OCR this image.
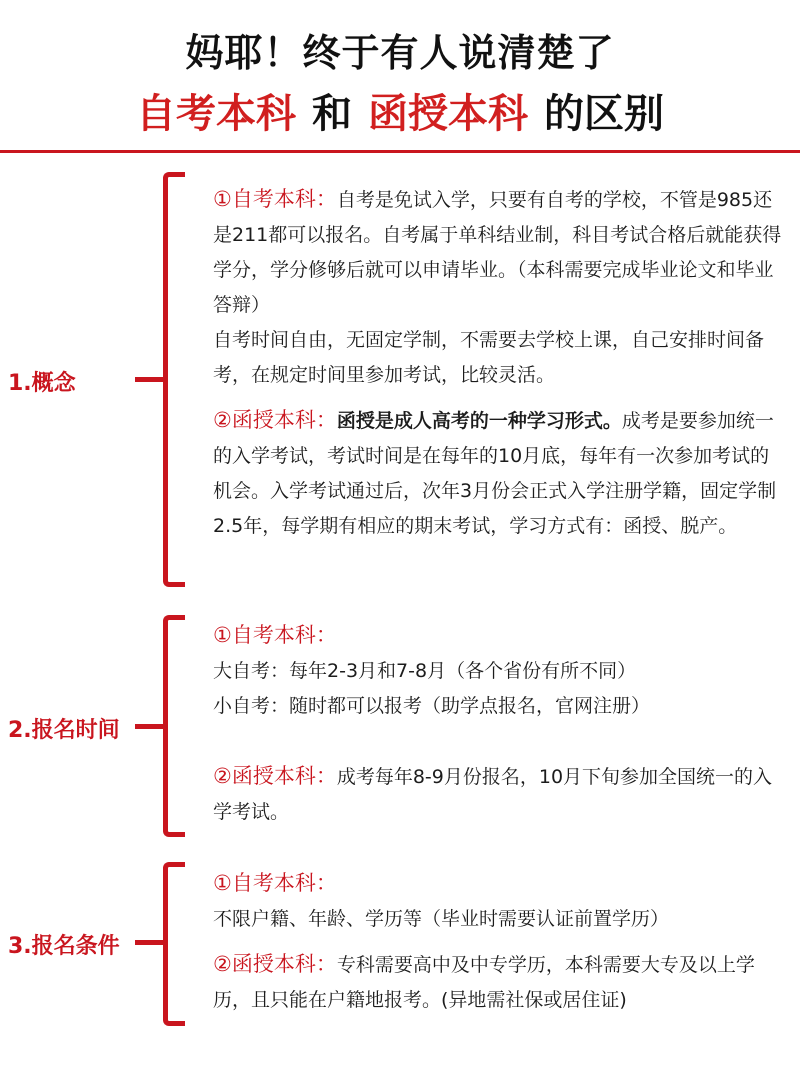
妈耶！终于有人说清楚了
自考本科 和 函授本科 的区别
1.概念

①自考本科：自考是免试入学，只要有自考的学校，不管是985还是211都可以报名。自考属于单科结业制，科目考试合格后就能获得学分，学分修够后就可以申请毕业。（本科需要完成毕业论文和毕业答辩）

自考时间自由，无固定学制，不需要去学校上课，自己安排时间备考，在规定时间里参加考试，比较灵活。

②函授本科：函授是成人高考的一种学习形式。成考是要参加统一的入学考试，考试时间是在每年的10月底，每年有一次参加考试的机会。入学考试通过后，次年3月份会正式入学注册学籍，固定学制2.5年，每学期有相应的期末考试，学习方式有：函授、脱产。

2.报名时间

①自考本科：

大自考：每年2-3月和7-8月（各个省份有所不同）

小自考：随时都可以报考（助学点报名，官网注册）

②函授本科：成考每年8-9月份报名，10月下旬参加全国统一的入学考试。

3.报名条件

①自考本科：

不限户籍、年龄、学历等（毕业时需要认证前置学历）

②函授本科：专科需要高中及中专学历，本科需要大专及以上学历，且只能在户籍地报考。(异地需社保或居住证)
